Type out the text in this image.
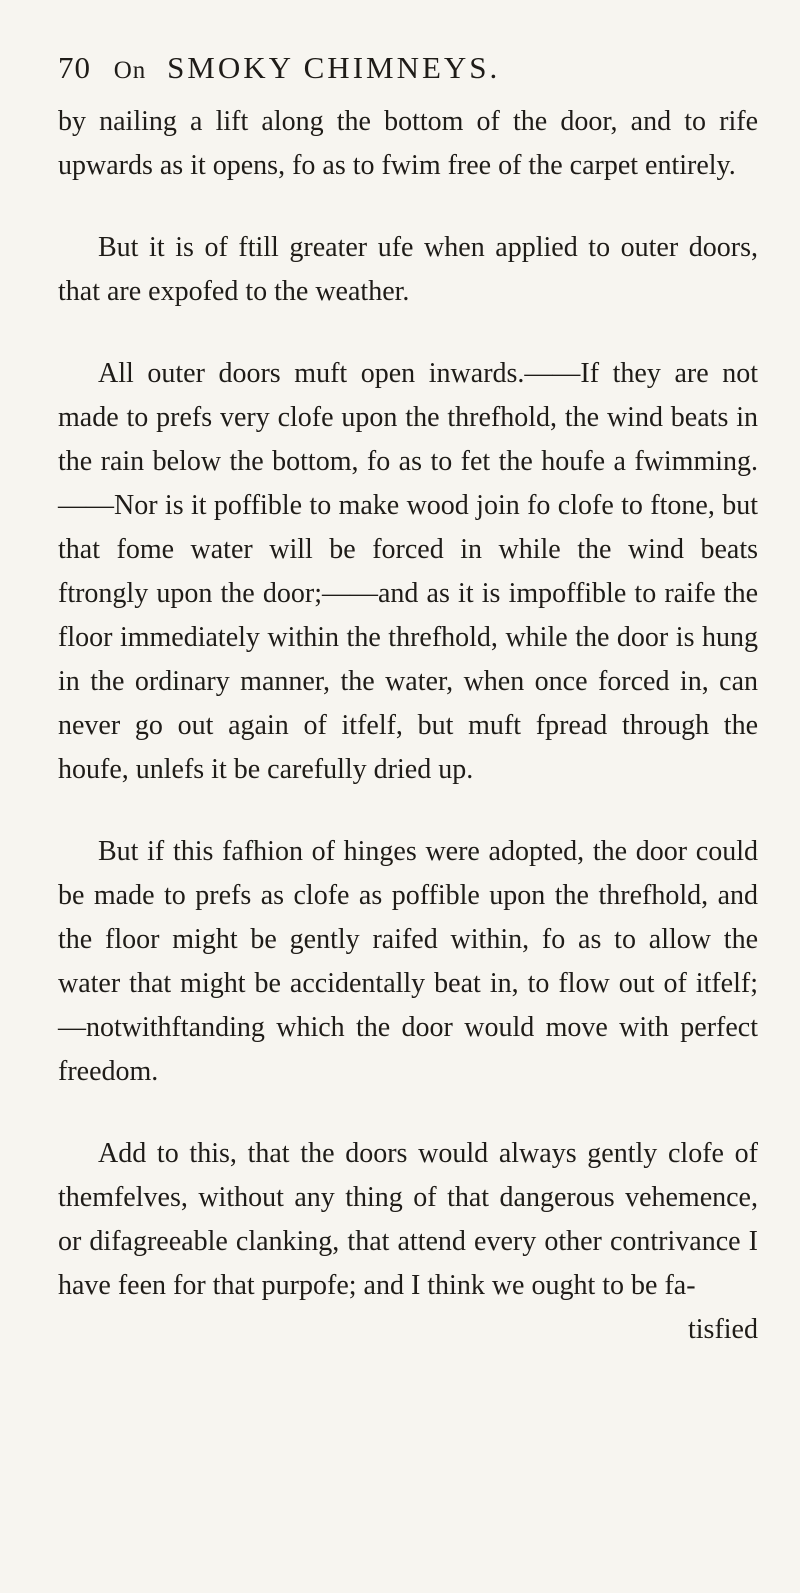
70 On SMOKY CHIMNEYS.

by nailing a lift along the bottom of the door, and to rife upwards as it opens, fo as to fwim free of the carpet entirely.

But it is of ftill greater ufe when applied to outer doors, that are expofed to the weather.

All outer doors muft open inwards.——If they are not made to prefs very clofe upon the threfhold, the wind beats in the rain below the bottom, fo as to fet the houfe a fwimming.——Nor is it poffible to make wood join fo clofe to ftone, but that fome water will be forced in while the wind beats ftrongly upon the door;——and as it is impoffible to raife the floor immediately within the threfhold, while the door is hung in the ordinary manner, the water, when once forced in, can never go out again of itfelf, but muft fpread through the houfe, unlefs it be carefully dried up.

But if this fafhion of hinges were adopted, the door could be made to prefs as clofe as poffible upon the threfhold, and the floor might be gently raifed within, fo as to allow the water that might be accidentally beat in, to flow out of itfelf;—notwithftanding which the door would move with perfect freedom.

Add to this, that the doors would always gently clofe of themfelves, without any thing of that dangerous vehemence, or difagreeable clanking, that attend every other contrivance I have feen for that purpofe; and I think we ought to be fa-

tisfied
